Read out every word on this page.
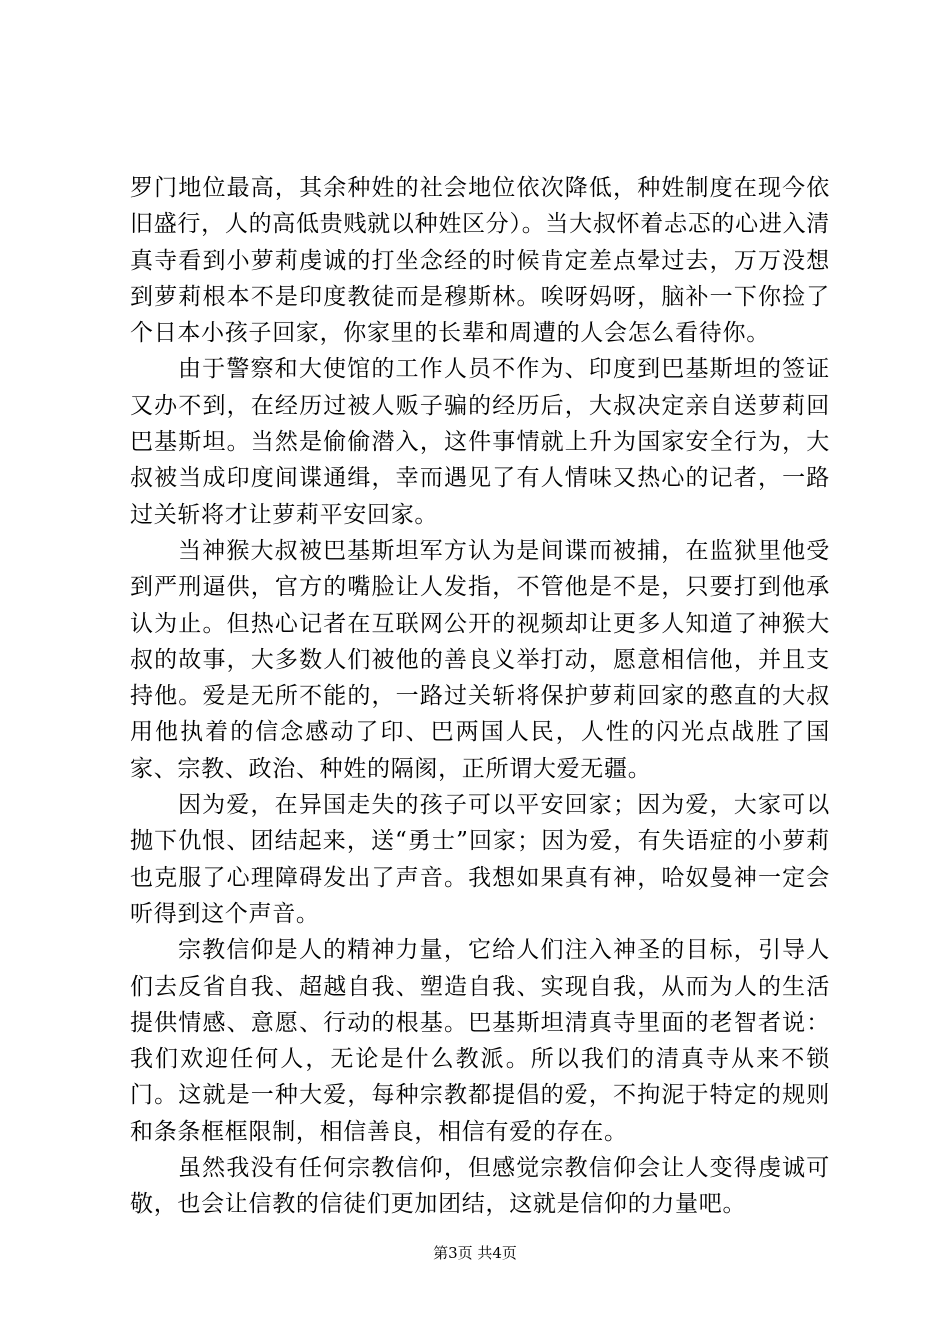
罗门地位最高，其余种姓的社会地位依次降低，种姓制度在现今依旧盛行，人的高低贵贱就以种姓区分）。当大叔怀着忐忑的心进入清真寺看到小萝莉虔诚的打坐念经的时候肯定差点晕过去，万万没想到萝莉根本不是印度教徒而是穆斯林。唉呀妈呀，脑补一下你捡了个日本小孩子回家，你家里的长辈和周遭的人会怎么看待你。

由于警察和大使馆的工作人员不作为、印度到巴基斯坦的签证又办不到，在经历过被人贩子骗的经历后，大叔决定亲自送萝莉回巴基斯坦。当然是偷偷潜入，这件事情就上升为国家安全行为，大叔被当成印度间谍通缉，幸而遇见了有人情味又热心的记者，一路过关斩将才让萝莉平安回家。

当神猴大叔被巴基斯坦军方认为是间谍而被捕，在监狱里他受到严刑逼供，官方的嘴脸让人发指，不管他是不是，只要打到他承认为止。但热心记者在互联网公开的视频却让更多人知道了神猴大叔的故事，大多数人们被他的善良义举打动，愿意相信他，并且支持他。爱是无所不能的，一路过关斩将保护萝莉回家的憨直的大叔用他执着的信念感动了印、巴两国人民，人性的闪光点战胜了国家、宗教、政治、种姓的隔阂，正所谓大爱无疆。

因为爱，在异国走失的孩子可以平安回家；因为爱，大家可以抛下仇恨、团结起来，送“勇士”回家；因为爱，有失语症的小萝莉也克服了心理障碍发出了声音。我想如果真有神，哈奴曼神一定会听得到这个声音。

宗教信仰是人的精神力量，它给人们注入神圣的目标，引导人们去反省自我、超越自我、塑造自我、实现自我，从而为人的生活提供情感、意愿、行动的根基。巴基斯坦清真寺里面的老智者说：我们欢迎任何人，无论是什么教派。所以我们的清真寺从来不锁门。这就是一种大爱，每种宗教都提倡的爱，不拘泥于特定的规则和条条框框限制，相信善良，相信有爱的存在。

虽然我没有任何宗教信仰，但感觉宗教信仰会让人变得虔诚可敬，也会让信教的信徒们更加团结，这就是信仰的力量吧。

第3页 共4页
